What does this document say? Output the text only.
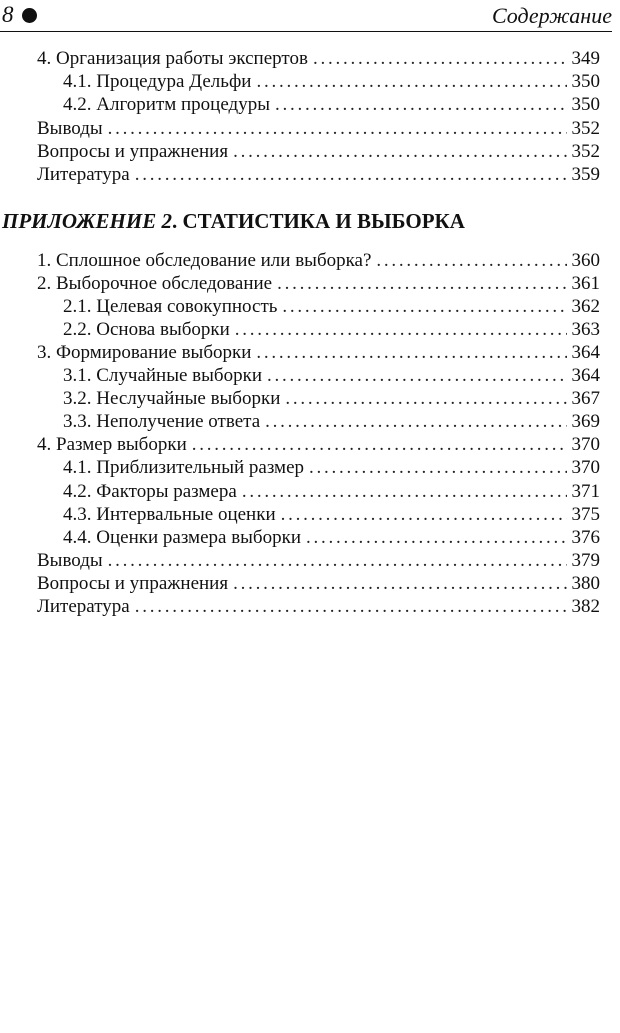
8	Содержание
4. Организация работы экспертов . . .	349
4.1. Процедура Дельфи . . .	350
4.2. Алгоритм процедуры . . .	350
Выводы . . .	352
Вопросы и упражнения . . .	352
Литература . . .	359
ПРИЛОЖЕНИЕ 2. СТАТИСТИКА И ВЫБОРКА
1. Сплошное обследование или выборка? . . .	360
2. Выборочное обследование . . .	361
2.1. Целевая совокупность . . .	362
2.2. Основа выборки . . .	363
3. Формирование выборки . . .	364
3.1. Случайные выборки . . .	364
3.2. Неслучайные выборки . . .	367
3.3. Неполучение ответа . . .	369
4. Размер выборки . . .	370
4.1. Приблизительный размер . . .	370
4.2. Факторы размера . . .	371
4.3. Интервальные оценки . . .	375
4.4. Оценки размера выборки . . .	376
Выводы . . .	379
Вопросы и упражнения . . .	380
Литература . . .	382
